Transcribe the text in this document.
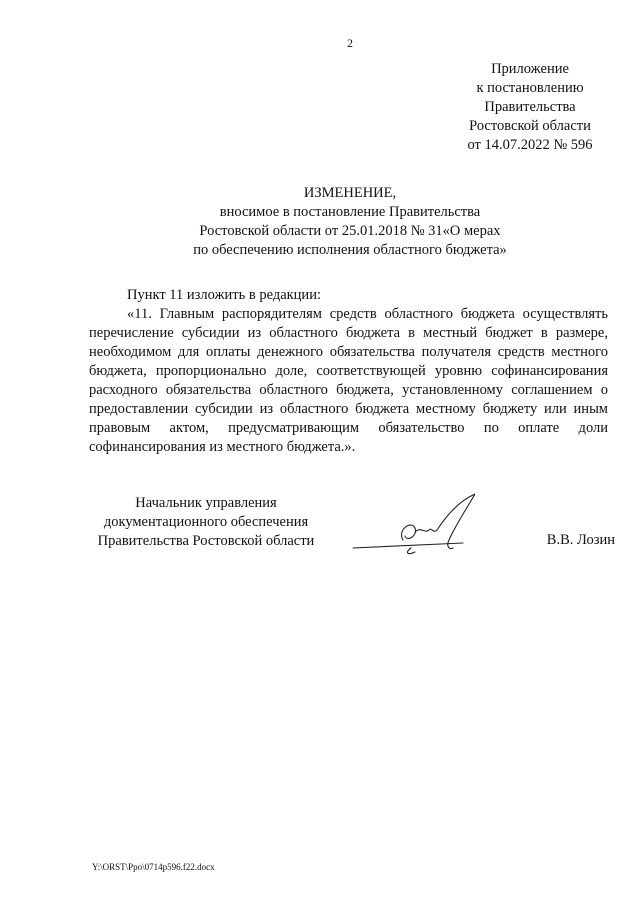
2
Приложение
к постановлению
Правительства
Ростовской области
от 14.07.2022 № 596
ИЗМЕНЕНИЕ,
вносимое в постановление Правительства
Ростовской области от 25.01.2018 № 31«О мерах
по обеспечению исполнения областного бюджета»

Пункт 11 изложить в редакции:

«11. Главным распорядителям средств областного бюджета осуществлять перечисление субсидии из областного бюджета в местный бюджет в размере, необходимом для оплаты денежного обязательства получателя средств местного бюджета, пропорционально доле, соответствующей уровню софинансирования расходного обязательства областного бюджета, установленному соглашением о предоставлении субсидии из областного бюджета местному бюджету или иным правовым актом, предусматривающим обязательство по оплате доли софинансирования из местного бюджета.».

Начальник управления
документационного обеспечения
Правительства Ростовской области	В.В. Лозин
Y:\ORST\Ppo\0714p596.f22.docx
